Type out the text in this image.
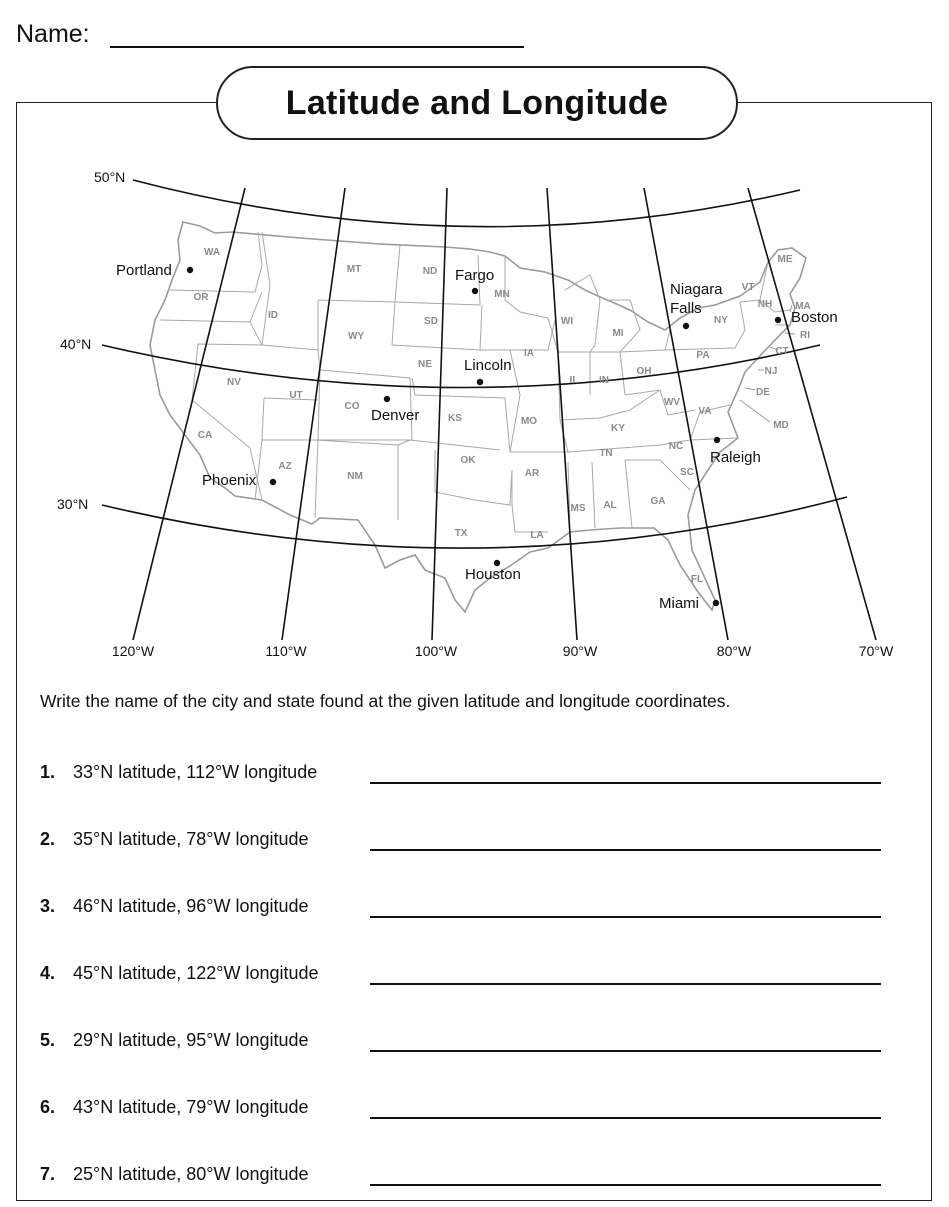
Name:
Latitude and Longitude
50°N
40°N
30°N
120°W	110°W	100°W	90°W	80°W	70°W
WA
OR
ID
MT	ND
MN
SD
WY
NE
IA
WI
MI
IL IN
OH
NV
CA
UT
CO
KS	MO
KY
WV
VA
AZ
NM
OK
AR
TN
NC
SC
TX	LA
MS AL	GA
FL
ME
VT
NH MA
RI
CT
NY
PA
NJ
DE
MD
Portland	Fargo
Niagara
Falls
Boston
Lincoln
Denver
Raleigh
Phoenix
Houston
Miami
Write the name of the city and state found at the given latitude and longitude coordinates.
1. 33°N latitude, 112°W longitude
2. 35°N latitude, 78°W longitude
3. 46°N latitude, 96°W longitude
4. 45°N latitude, 122°W longitude
5. 29°N latitude, 95°W longitude
6. 43°N latitude, 79°W longitude
7. 25°N latitude, 80°W longitude
